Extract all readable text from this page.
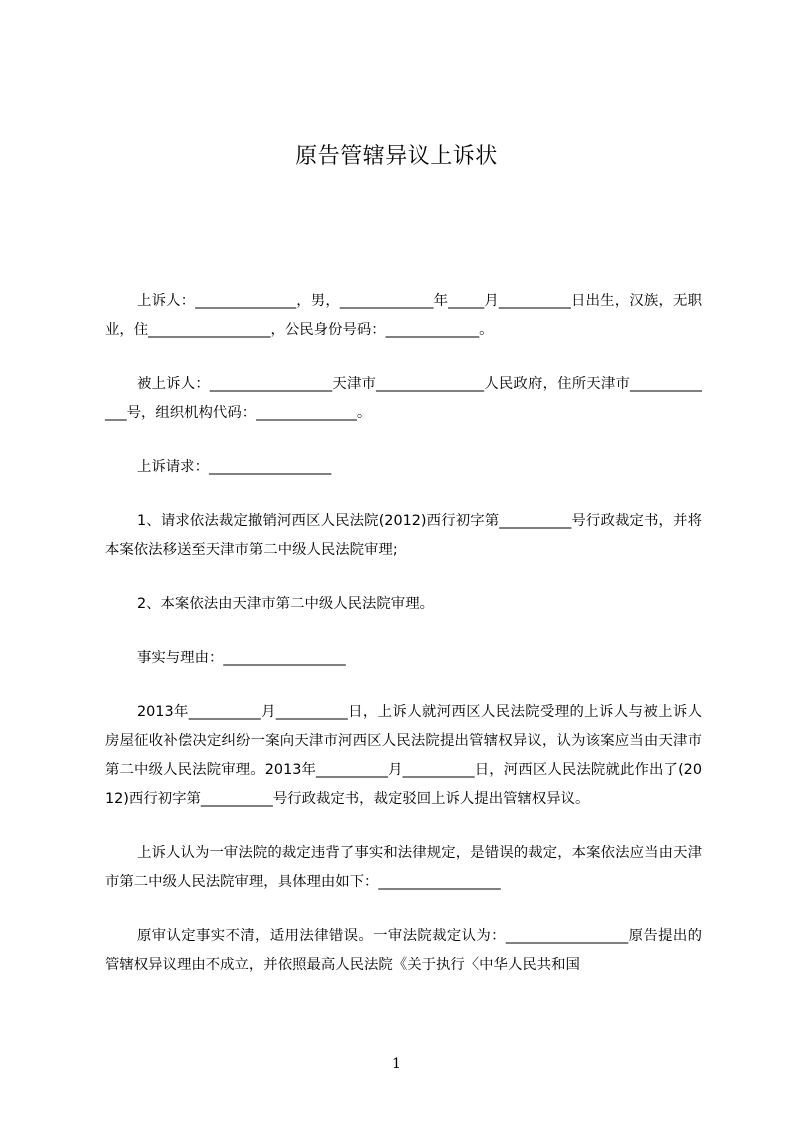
原告管辖异议上诉状

上诉人：______________，男，_____________年_____月__________日出生，汉族，无职业，住_________________，公民身份号码：_____________。

被上诉人：_________________天津市_______________人民政府，住所天津市_____________号，组织机构代码：______________。

上诉请求：_________________

1、请求依法裁定撤销河西区人民法院(2012)西行初字第__________号行政裁定书，并将本案依法移送至天津市第二中级人民法院审理;

2、本案依法由天津市第二中级人民法院审理。

事实与理由：_________________

2013年__________月__________日，上诉人就河西区人民法院受理的上诉人与被上诉人房屋征收补偿决定纠纷一案向天津市河西区人民法院提出管辖权异议，认为该案应当由天津市第二中级人民法院审理。2013年__________月__________日，河西区人民法院就此作出了(2012)西行初字第__________号行政裁定书，裁定驳回上诉人提出管辖权异议。

上诉人认为一审法院的裁定违背了事实和法律规定，是错误的裁定，本案依法应当由天津市第二中级人民法院审理，具体理由如下：_________________

原审认定事实不清，适用法律错误。一审法院裁定认为：_________________原告提出的管辖权异议理由不成立，并依照最高人民法院《关于执行〈中华人民共和国

1
